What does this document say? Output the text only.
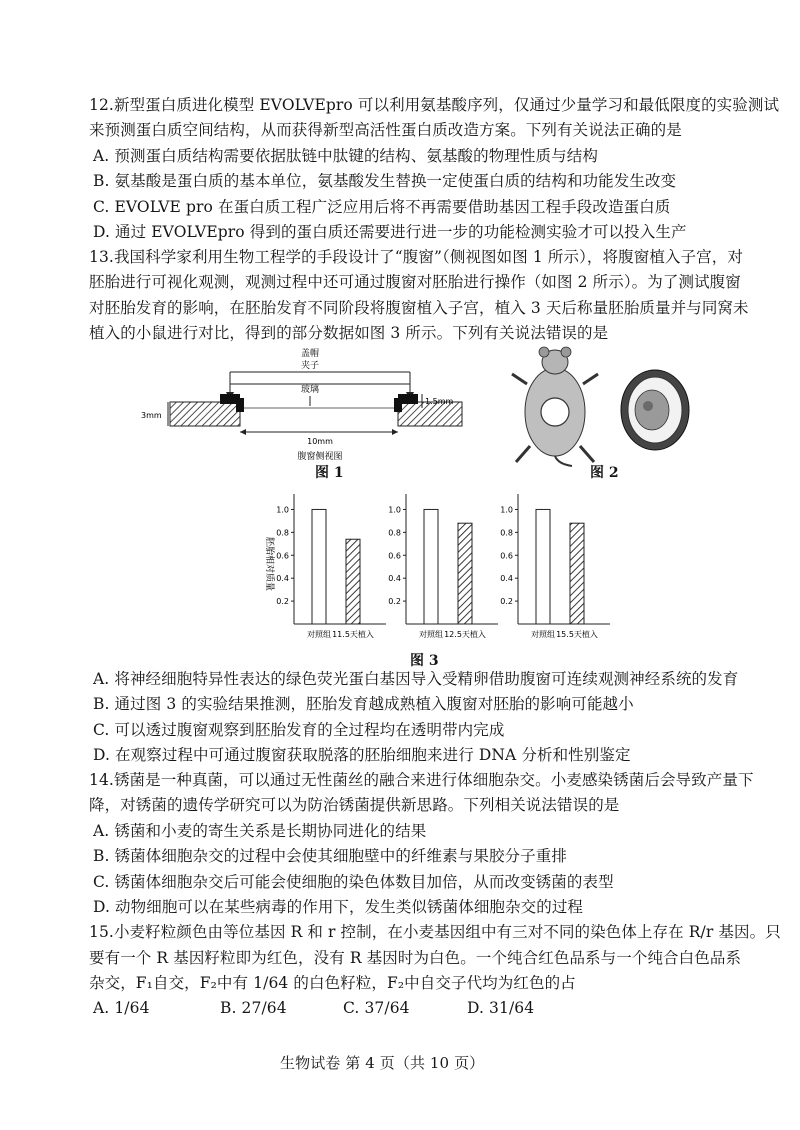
12.新型蛋白质进化模型 EVOLVEpro 可以利用氨基酸序列，仅通过少量学习和最低限度的实验测试
来预测蛋白质空间结构，从而获得新型高活性蛋白质改造方案。下列有关说法正确的是
A. 预测蛋白质结构需要依据肽链中肽键的结构、氨基酸的物理性质与结构
B. 氨基酸是蛋白质的基本单位，氨基酸发生替换一定使蛋白质的结构和功能发生改变
C. EVOLVE pro 在蛋白质工程广泛应用后将不再需要借助基因工程手段改造蛋白质
D. 通过 EVOLVEpro 得到的蛋白质还需要进行进一步的功能检测实验才可以投入生产
13.我国科学家利用生物工程学的手段设计了“腹窗”（侧视图如图 1 所示），将腹窗植入子宫，对
胚胎进行可视化观测，观测过程中还可通过腹窗对胚胎进行操作（如图 2 所示）。为了测试腹窗
对胚胎发育的影响，在胚胎发育不同阶段将腹窗植入子宫，植入 3 天后称量胚胎质量并与同窝未
植入的小鼠进行对比，得到的部分数据如图 3 所示。下列有关说法错误的是
盖帽
夹子
玻璃
3mm
1.5mm
10mm
腹窗侧视图
图 1	图 2
胚胎相对质量
1.0
0.8
0.6
0.4
0.2
对照组 11.5天植入
1.0
0.8
0.6
0.4
0.2
对照组 12.5天植入
1.0
0.8
0.6
0.4
0.2
对照组 15.5天植入
图 3
A. 将神经细胞特异性表达的绿色荧光蛋白基因导入受精卵借助腹窗可连续观测神经系统的发育
B. 通过图 3 的实验结果推测，胚胎发育越成熟植入腹窗对胚胎的影响可能越小
C. 可以透过腹窗观察到胚胎发育的全过程均在透明带内完成
D. 在观察过程中可通过腹窗获取脱落的胚胎细胞来进行 DNA 分析和性别鉴定
14.锈菌是一种真菌，可以通过无性菌丝的融合来进行体细胞杂交。小麦感染锈菌后会导致产量下
降，对锈菌的遗传学研究可以为防治锈菌提供新思路。下列相关说法错误的是
A. 锈菌和小麦的寄生关系是长期协同进化的结果
B. 锈菌体细胞杂交的过程中会使其细胞壁中的纤维素与果胶分子重排
C. 锈菌体细胞杂交后可能会使细胞的染色体数目加倍，从而改变锈菌的表型
D. 动物细胞可以在某些病毒的作用下，发生类似锈菌体细胞杂交的过程
15.小麦籽粒颜色由等位基因 R 和 r 控制，在小麦基因组中有三对不同的染色体上存在 R/r 基因。只
要有一个 R 基因籽粒即为红色，没有 R 基因时为白色。一个纯合红色品系与一个纯合白色品系
杂交，F₁自交，F₂中有 1/64 的白色籽粒，F₂中自交子代均为红色的占
A. 1/64	B. 27/64	C. 37/64	D. 31/64
生物试卷 第 4 页（共 10 页）
